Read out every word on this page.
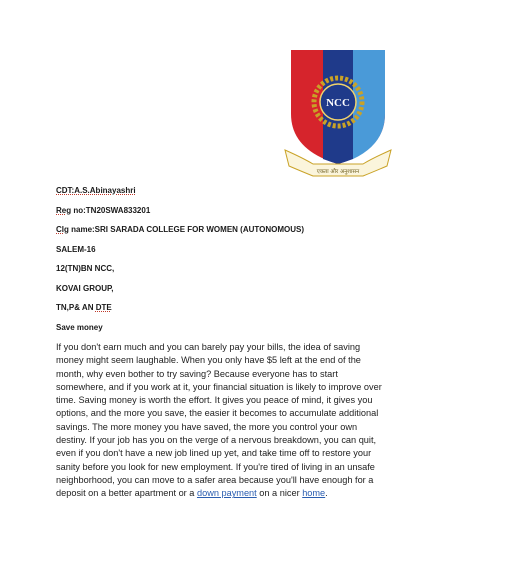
NCC
एकता और अनुशासन
CDT:A.S.Abinayashri
Reg no:TN20SWA833201
Clg name:SRI SARADA COLLEGE FOR WOMEN (AUTONOMOUS)
SALEM-16
12(TN)BN NCC,
KOVAI GROUP,
TN,P& AN DTE
Save money
If you don't earn much and you can barely pay your bills, the idea of saving
money might seem laughable. When you only have $5 left at the end of the
month, why even bother to try saving? Because everyone has to start
somewhere, and if you work at it, your financial situation is likely to improve over
time. Saving money is worth the effort. It gives you peace of mind, it gives you
options, and the more you save, the easier it becomes to accumulate additional
savings. The more money you have saved, the more you control your own
destiny. If your job has you on the verge of a nervous breakdown, you can quit,
even if you don't have a new job lined up yet, and take time off to restore your
sanity before you look for new employment. If you're tired of living in an unsafe
neighborhood, you can move to a safer area because you'll have enough for a
deposit on a better apartment or a down payment on a nicer home.
